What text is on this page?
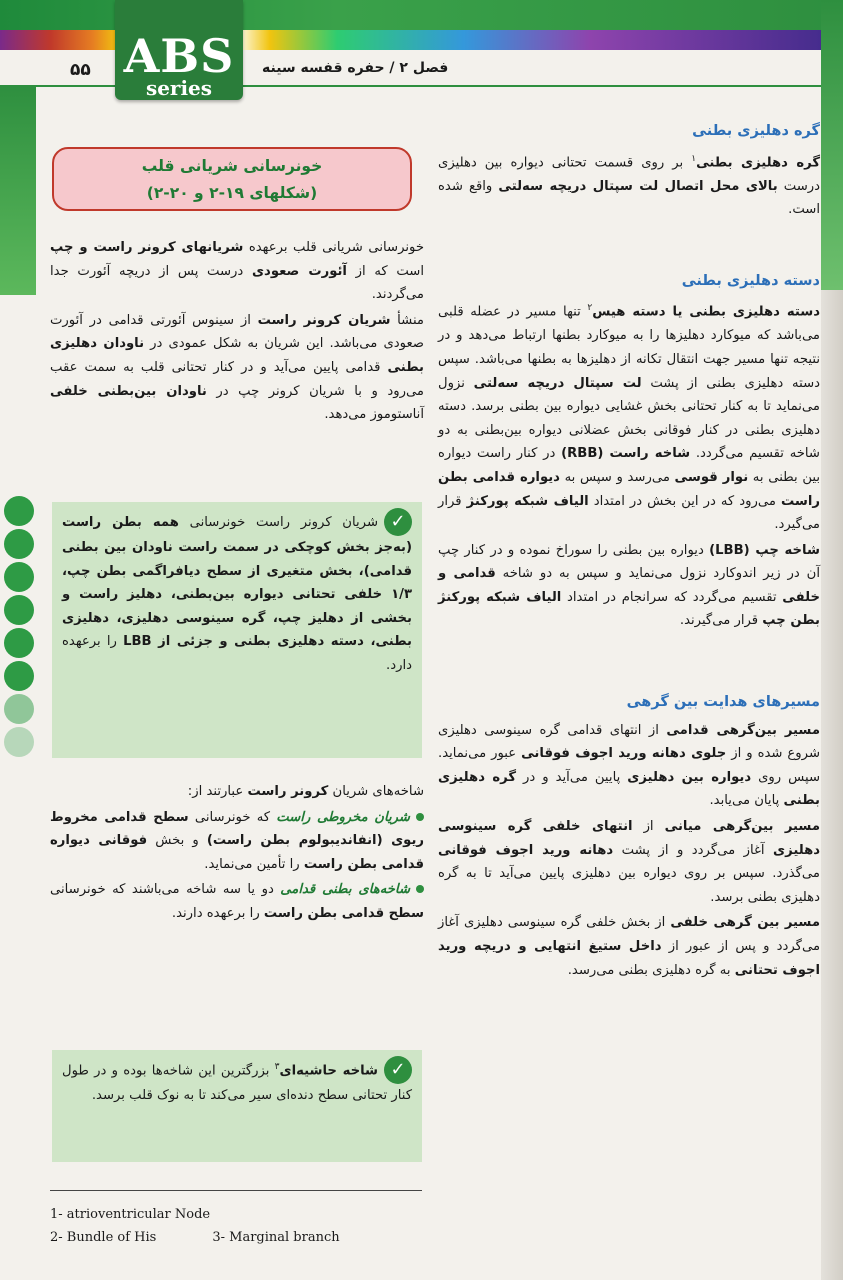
ABS
series
۵۵	فصل ۲ / حفره قفسه سینه
گره دهلیزی بطنی

گره دهلیزی بطنی$^۱$ بر روی قسمت تحتانی دیواره بین دهلیزی درست بالای محل اتصال لت سپتال دریچه سه‌لتی واقع شده است.

دسته دهلیزی بطنی

دسته دهلیزی بطنی یا دسته هیس$^۲$ تنها مسیر در عضله قلبی می‌باشد که میوکارد دهلیزها را به میوکارد بطنها ارتباط می‌دهد و در نتیجه تنها مسیر جهت انتقال تکانه از دهلیزها به بطنها می‌باشد. سپس دسته دهلیزی بطنی از پشت لت سپتال دریچه سه‌لتی نزول می‌نماید تا به کنار تحتانی بخش غشایی دیواره بین بطنی برسد. دسته دهلیزی بطنی در کنار فوقانی بخش عضلانی دیواره بین‌بطنی به دو شاخه تقسیم می‌گردد. شاخه راست (RBB) در کنار راست دیواره بین بطنی به نوار قوسی می‌رسد و سپس به دیواره قدامی بطن راست می‌رود که در این بخش در امتداد الیاف شبکه پورکنژ قرار می‌گیرد.

شاخه چپ (LBB) دیواره بین بطنی را سوراخ نموده و در کنار چپ آن در زیر اندوکارد نزول می‌نماید و سپس به دو شاخه قدامی و خلفی تقسیم می‌گردد که سرانجام در امتداد الیاف شبکه پورکنژ بطن چپ قرار می‌گیرند.

مسیرهای هدایت بین گرهی

مسیر بین‌گرهی قدامی از انتهای قدامی گره سینوسی دهلیزی شروع شده و از جلوی دهانه ورید اجوف فوقانی عبور می‌نماید. سپس روی دیواره بین دهلیزی پایین می‌آید و در گره دهلیزی بطنی پایان می‌یابد.

مسیر بین‌گرهی میانی از انتهای خلفی گره سینوسی دهلیزی آغاز می‌گردد و از پشت دهانه ورید اجوف فوقانی می‌گذرد. سپس بر روی دیواره بین دهلیزی پایین می‌آید تا به گره دهلیزی بطنی برسد.

مسیر بین گرهی خلفی از بخش خلفی گره سینوسی دهلیزی آغاز می‌گردد و پس از عبور از داخل ستیغ انتهایی و دریچه ورید اجوف تحتانی به گره دهلیزی بطنی می‌رسد.

خونرسانی شریانی قلب
(شکلهای ۱۹-۲ و ۲۰-۲)

خونرسانی شریانی قلب برعهده شریانهای کرونر راست و چپ است که از آئورت صعودی درست پس از دریچه آئورت جدا می‌گردند.

منشأ شریان کرونر راست از سینوس آئورتی قدامی در آئورت صعودی می‌باشد. این شریان به شکل عمودی در ناودان دهلیزی بطنی قدامی پایین می‌آید و در کنار تحتانی قلب به سمت عقب می‌رود و با شریان کرونر چپ در ناودان بین‌بطنی خلفی آناستوموز می‌دهد.

✓شریان کرونر راست خونرسانی همه بطن راست (به‌جز بخش کوچکی در سمت راست ناودان بین بطنی قدامی)، بخش متغیری از سطح دیافراگمی بطن چپ، ۱/۳ خلفی تحتانی دیواره بین‌بطنی، دهلیز راست و بخشی از دهلیز چپ، گره سینوسی دهلیزی، دهلیزی بطنی، دسته دهلیزی بطنی و جزئی از LBB را برعهده دارد.

شاخه‌های شریان کرونر راست عبارتند از:

شریان مخروطی راست که خونرسانی سطح قدامی مخروط ریوی (انفاندیبولوم بطن راست) و بخش فوقانی دیواره قدامی بطن راست را تأمین می‌نماید.

شاخه‌های بطنی قدامی دو یا سه شاخه می‌باشند که خونرسانی سطح قدامی بطن راست را برعهده دارند.

✓شاخه حاشیه‌ای$^۳$ بزرگترین این شاخه‌ها بوده و در طول کنار تحتانی سطح دنده‌ای سیر می‌کند تا به نوک قلب برسد.
1- atrioventricular Node
2- Bundle of His	3- Marginal branch
